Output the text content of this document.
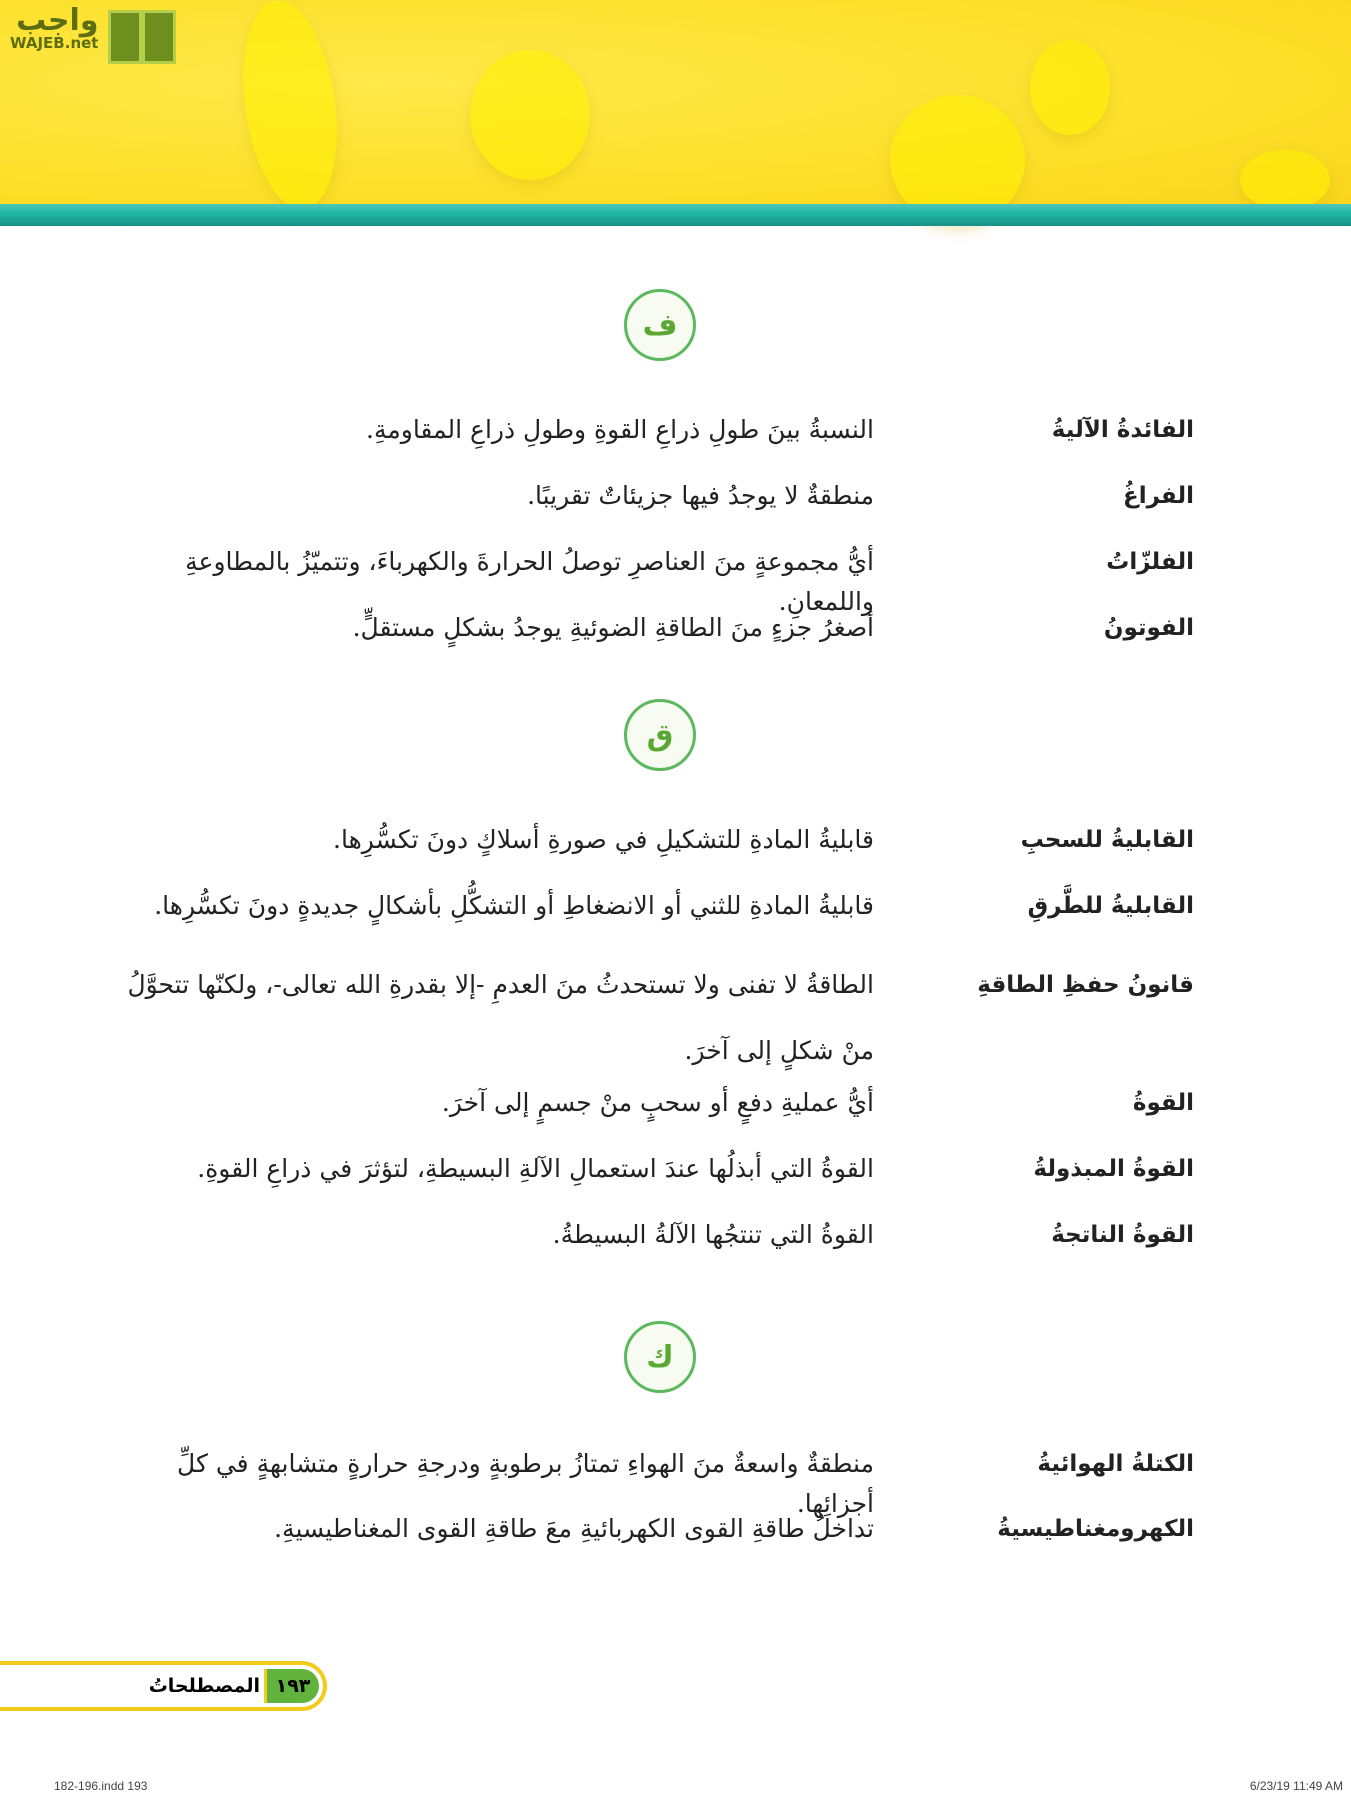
واجب
WAJEB.net
ف
الفائدةُ الآليةُ
النسبةُ بينَ طولِ ذراعِ القوةِ وطولِ ذراعِ المقاومةِ.
الفراغُ
منطقةٌ لا يوجدُ فيها جزيئاتٌ تقريبًا.
الفلزّاتُ
أيُّ مجموعةٍ منَ العناصرِ توصلُ الحرارةَ والكهرباءَ، وتتميّزُ بالمطاوعةِ واللمعانِ.
الفوتونُ
أصغرُ جزءٍ منَ الطاقةِ الضوئيةِ يوجدُ بشكلٍ مستقلٍّ.
ق
القابليةُ للسحبِ
قابليةُ المادةِ للتشكيلِ في صورةِ أسلاكٍ دونَ تكسُّرِها.
القابليةُ للطَّرقِ
قابليةُ المادةِ للثني أو الانضغاطِ أو التشكُّلِ بأشكالٍ جديدةٍ دونَ تكسُّرِها.
قانونُ حفظِ الطاقةِ
الطاقةُ لا تفنى ولا تستحدثُ منَ العدمِ -إلا بقدرةِ الله تعالى-، ولكنّها تتحوَّلُ منْ شكلٍ إلى آخرَ.
القوةُ
أيُّ عمليةِ دفعٍ أو سحبٍ منْ جسمٍ إلى آخرَ.
القوةُ المبذولةُ
القوةُ التي أبذلُها عندَ استعمالِ الآلةِ البسيطةِ، لتؤثرَ في ذراعِ القوةِ.
القوةُ الناتجةُ
القوةُ التي تنتجُها الآلةُ البسيطةُ.
ك
الكتلةُ الهوائيةُ
منطقةٌ واسعةٌ منَ الهواءِ تمتازُ برطوبةٍ ودرجةِ حرارةٍ متشابهةٍ في كلِّ أجزائِها.
الكهرومغناطيسيةُ
تداخلُ طاقةِ القوى الكهربائيةِ معَ طاقةِ القوى المغناطيسيةِ.
المصطلحاتُ ١٩٣
182-196.indd 193	6/23/19 11:49 AM
